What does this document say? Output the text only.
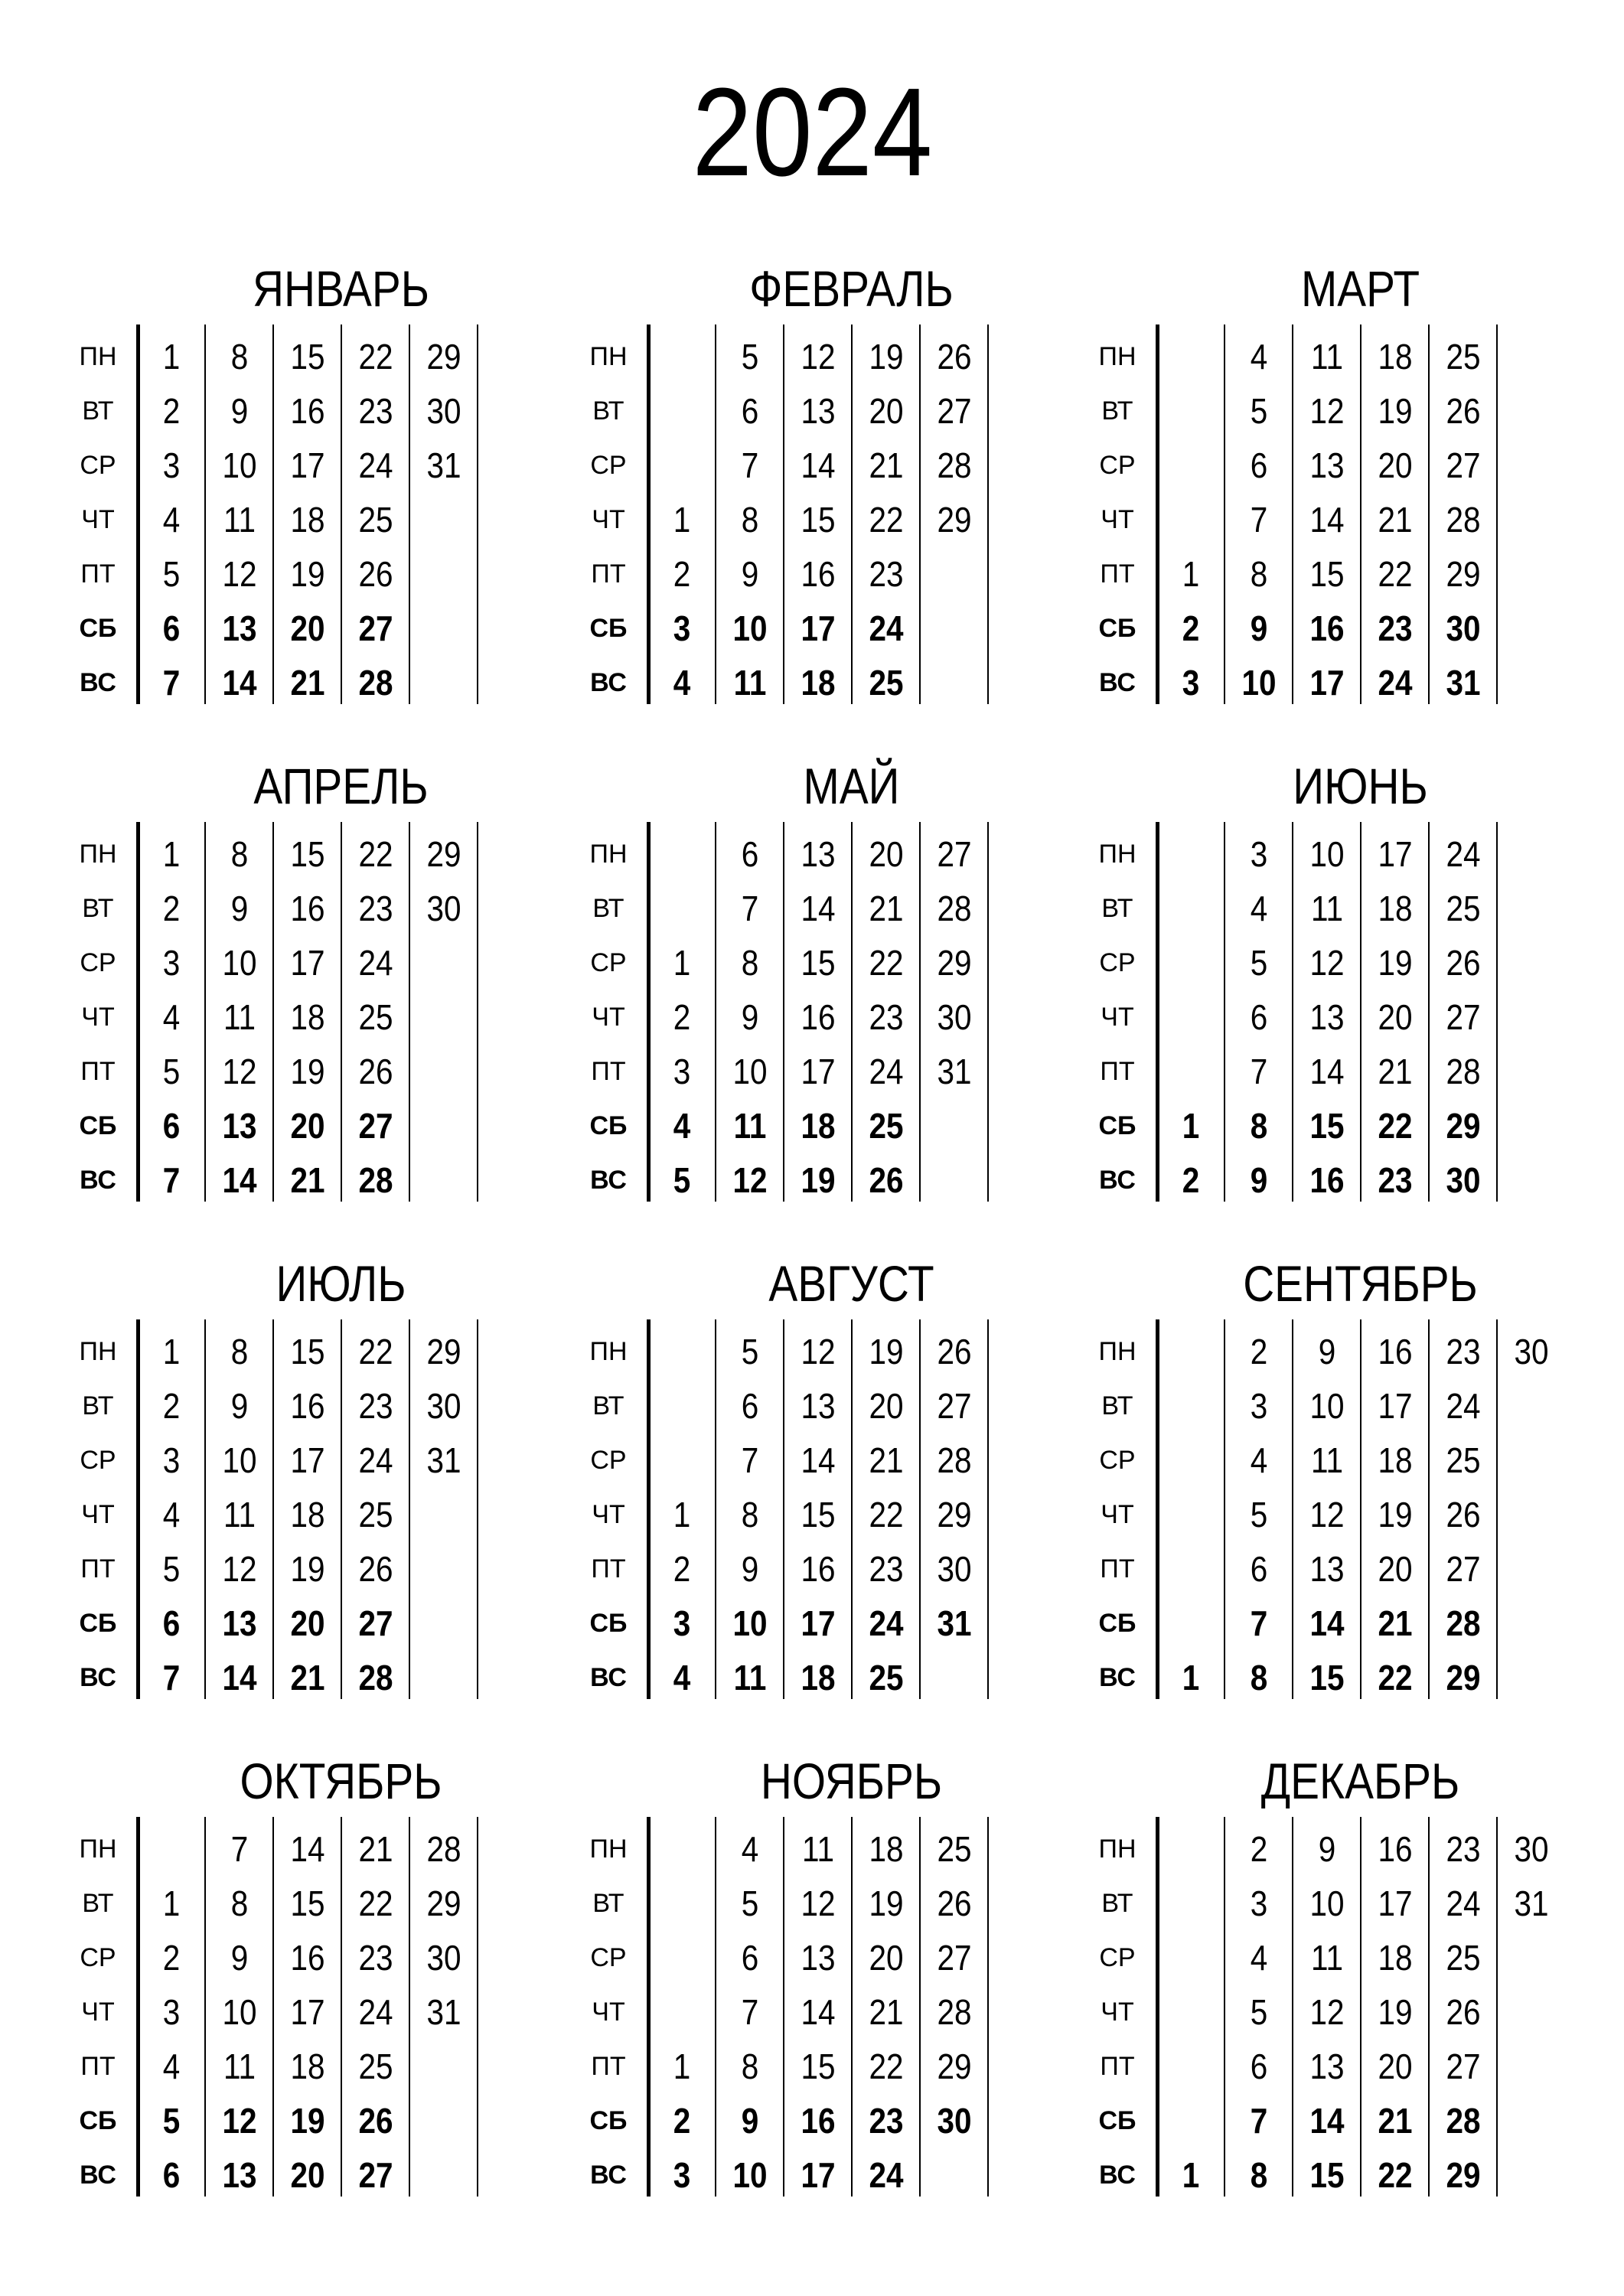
2024
ЯНВАРЬ
ПН
ВТ
СР
ЧТ
ПТ
СБ
ВС
1
2
3
4
5
6
7
8
9
10
11
12
13
14
15
16
17
18
19
20
21
22
23
24
25
26
27
28
29
30
31
ФЕВРАЛЬ
ПН
ВТ
СР
ЧТ
ПТ
СБ
ВС
1
2
3
4
5
6
7
8
9
10
11
12
13
14
15
16
17
18
19
20
21
22
23
24
25
26
27
28
29
МАРТ
ПН
ВТ
СР
ЧТ
ПТ
СБ
ВС
1
2
3
4
5
6
7
8
9
10
11
12
13
14
15
16
17
18
19
20
21
22
23
24
25
26
27
28
29
30
31
АПРЕЛЬ
ПН
ВТ
СР
ЧТ
ПТ
СБ
ВС
1
2
3
4
5
6
7
8
9
10
11
12
13
14
15
16
17
18
19
20
21
22
23
24
25
26
27
28
29
30
МАЙ
ПН
ВТ
СР
ЧТ
ПТ
СБ
ВС
1
2
3
4
5
6
7
8
9
10
11
12
13
14
15
16
17
18
19
20
21
22
23
24
25
26
27
28
29
30
31
ИЮНЬ
ПН
ВТ
СР
ЧТ
ПТ
СБ
ВС
1
2
3
4
5
6
7
8
9
10
11
12
13
14
15
16
17
18
19
20
21
22
23
24
25
26
27
28
29
30
ИЮЛЬ
ПН
ВТ
СР
ЧТ
ПТ
СБ
ВС
1
2
3
4
5
6
7
8
9
10
11
12
13
14
15
16
17
18
19
20
21
22
23
24
25
26
27
28
29
30
31
АВГУСТ
ПН
ВТ
СР
ЧТ
ПТ
СБ
ВС
1
2
3
4
5
6
7
8
9
10
11
12
13
14
15
16
17
18
19
20
21
22
23
24
25
26
27
28
29
30
31
СЕНТЯБРЬ
ПН
ВТ
СР
ЧТ
ПТ
СБ
ВС	1
2
3
4
5
6
7
8
9
10
11
12
13
14
15
16
17
18
19
20
21
22
23
24
25
26
27
28
29
30
ОКТЯБРЬ
ПН
ВТ
СР
ЧТ
ПТ
СБ
ВС
1
2
3
4
5
6
7
8
9
10
11
12
13
14
15
16
17
18
19
20
21
22
23
24
25
26
27
28
29
30
31
НОЯБРЬ
ПН
ВТ
СР
ЧТ
ПТ
СБ
ВС
1
2
3
4
5
6
7
8
9
10
11
12
13
14
15
16
17
18
19
20
21
22
23
24
25
26
27
28
29
30
ДЕКАБРЬ
ПН
ВТ
СР
ЧТ
ПТ
СБ
ВС	1
2
3
4
5
6
7
8
9
10
11
12
13
14
15
16
17
18
19
20
21
22
23
24
25
26
27
28
29
30
31
